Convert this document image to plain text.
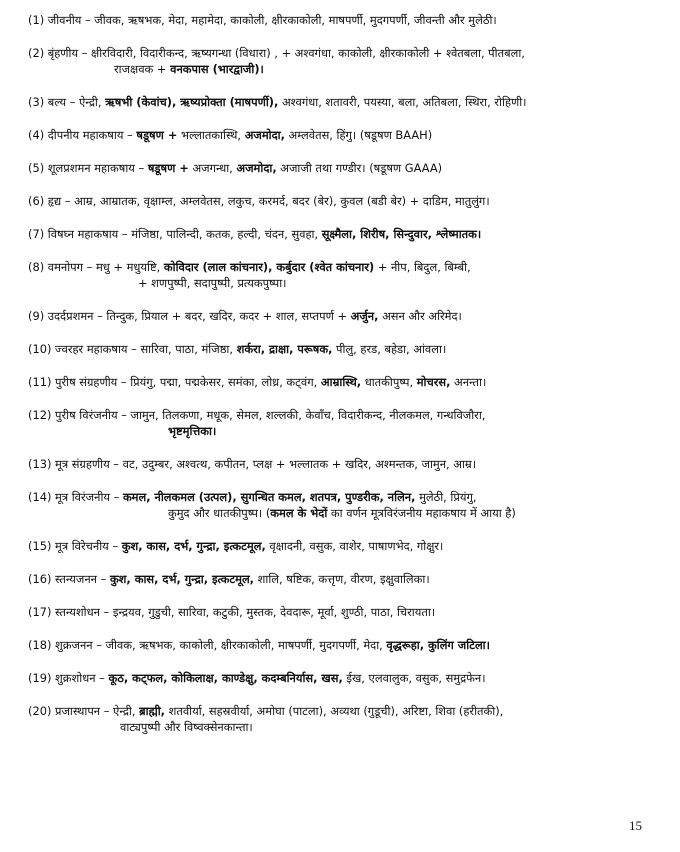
(1) जीवनीय – जीवक, ऋषभक, मेदा, महामेदा, काकोली, क्षीरकाकोली, माषपर्णी, मुदगपर्णी, जीवन्ती और मुलेठी।
(2) बृंहणीय – क्षीरविदारी, विदारीकन्द, ऋष्यगन्धा (विधारा) , + अश्वगंधा, काकोली, क्षीरकाकोली + श्वेतबला, पीतबला,
राजक्षवक + वनकपास (भारद्वाजी)।
(3) बल्य – ऐन्द्री, ऋषभी (केवांच), ऋष्यप्रोक्ता (माषपर्णी), अश्वगंधा, शतावरी, पयस्या, बला, अतिबला, स्थिरा, रोहिणी।
(4) दीपनीय महाकषाय – षडूषण + भल्लातकास्थि, अजमोदा, अम्लवेतस, हिंगु। (षडूषण BAAH)
(5) शूलप्रशमन महाकषाय – षडूषण + अजगन्धा, अजमोदा, अजाजी तथा गण्डीर। (षडूषण GAAA)
(6) हृद्य – आम्र, आम्रातक, वृक्षाम्ल, अम्लवेतस, लकुच, करमर्द, बदर (बेर), कुवल (बडी बेर) + दाडिम, मातुलुंग।
(7) विषघ्न महाकषाय – मंजिष्ठा, पालिन्दी, कतक, हल्दी, चंदन, सुवहा, सूक्ष्मैला, शिरीष, सिन्दुवार, श्लेष्मातक।
(8) वमनोपग – मधु + मधुयष्टि, कोविदार (लाल कांचनार), कर्बुदार (श्वेत कांचनार) + नीप, बिदुल, बिम्बी,
+ शणपुष्पी, सदापुष्पी, प्रत्यकपुष्पा।
(9) उदर्दप्रशमन – तिन्दुक, प्रियाल + बदर, खदिर, कदर + शाल, सप्तपर्ण + अर्जुन, असन और अरिमेद।
(10) ज्वरहर महाकषाय – सारिवा, पाठा, मंजिष्ठा, शर्करा, द्राक्षा, परूषक, पीलु, हरड, बहेडा, आंवला।
(11) पुरीष संग्रहणीय – प्रियंगु, पद्मा, पद्मकेसर, समंका, लोध्र, कट्वंग, आम्रास्थि, धातकीपुष्प, मोचरस, अनन्ता।
(12) पुरीष विरंजनीय – जामुन, तिलकणा, मधूक, सेमल, शल्लकी, केवाँच, विदारीकन्द, नीलकमल, गन्धविजौरा,
भृष्टमृत्तिका।
(13) मूत्र संग्रहणीय – वट, उदुम्बर, अश्वत्थ, कपीतन, प्लक्ष + भल्लातक + खदिर, अश्मन्तक, जामुन, आम्र।
(14) मूत्र विरंजनीय – कमल, नीलकमल (उत्पल), सुगन्धित कमल, शतपत्र, पुण्डरीक, नलिन, मुलेठी, प्रियंगु,
कुमुद और धातकीपुष्प। (कमल के भेदों का वर्णन मूत्रविरंजनीय महाकषाय में आया है)
(15) मूत्र विरेचनीय – कुश, कास, दर्भ, गुन्द्रा, इत्कटमूल, वृक्षादनी, वसुक, वाशेर, पाषाणभेद, गोक्षुर।
(16) स्तन्यजनन – कुश, कास, दर्भ, गुन्द्रा, इत्कटमूल, शालि, षष्टिक, कत्तृण, वीरण, इक्षुवालिका।
(17) स्तन्यशोधन – इन्द्रयव, गुडुची, सारिवा, कटुकी, मुस्तक, देवदारू, मूर्वा, शुण्ठी, पाठा, चिरायता।
(18) शुक्रजनन – जीवक, ऋषभक, काकोली, क्षीरकाकोली, माषपर्णी, मुदगपर्णी, मेदा, वृद्धरूहा, कुलिंग जटिला।
(19) शुक्रशोधन – कूठ, कट्फल, कोकिलाक्ष, काण्डेक्षु, कदम्बनिर्यास, खस, ईख, एलवालुक, वसुक, समुद्रफेन।
(20) प्रजास्थापन – ऐन्द्री, ब्राह्मी, शतवीर्या, सहस्रवीर्या, अमोघा (पाटला), अव्यथा (गुडूची), अरिष्टा, शिवा (हरीतकी),
वाट्यपुष्पी और विष्वक्सेनकान्ता।
15
